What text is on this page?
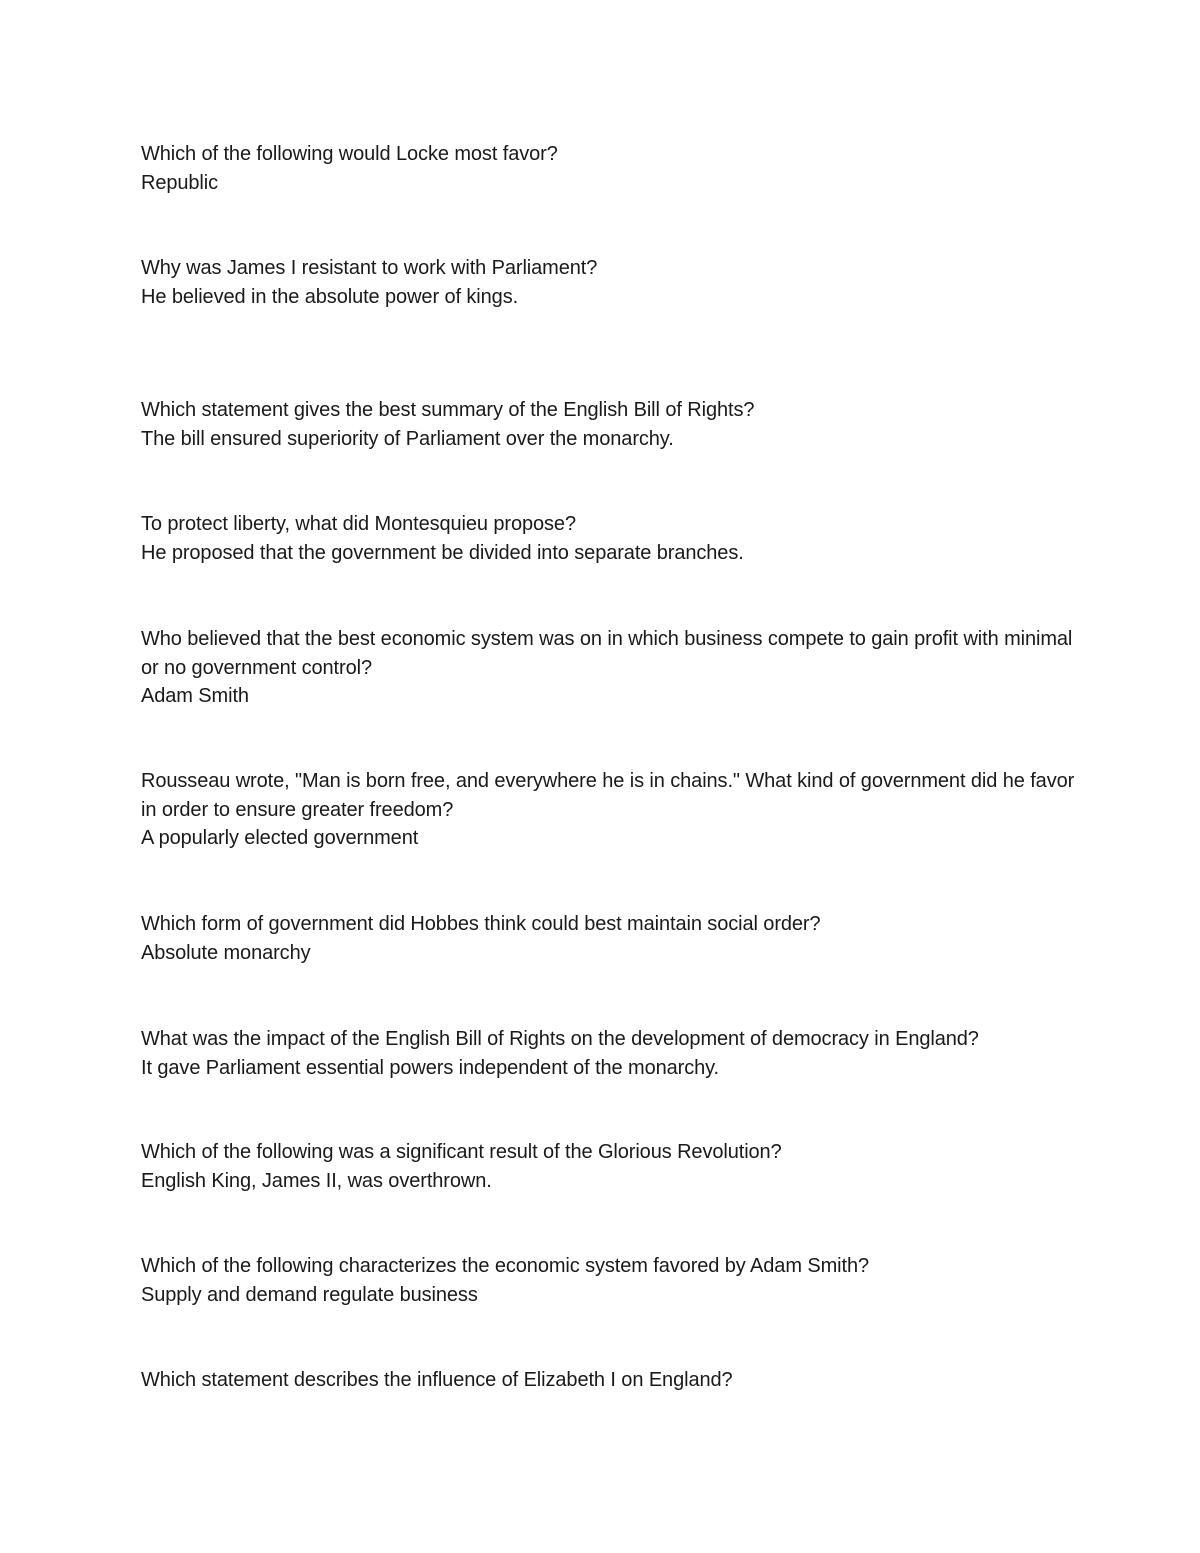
Which of the following would Locke most favor?

Republic

Why was James I resistant to work with Parliament?

He believed in the absolute power of kings.

Which statement gives the best summary of the English Bill of Rights?

The bill ensured superiority of Parliament over the monarchy.

To protect liberty, what did Montesquieu propose?

He proposed that the government be divided into separate branches.

Who believed that the best economic system was on in which business compete to gain profit with minimal or no government control?

Adam Smith

Rousseau wrote, "Man is born free, and everywhere he is in chains." What kind of government did he favor in order to ensure greater freedom?

A popularly elected government

Which form of government did Hobbes think could best maintain social order?

Absolute monarchy

What was the impact of the English Bill of Rights on the development of democracy in England?

It gave Parliament essential powers independent of the monarchy.

Which of the following was a significant result of the Glorious Revolution?

English King, James II, was overthrown.

Which of the following characterizes the economic system favored by Adam Smith?

Supply and demand regulate business

Which statement describes the influence of Elizabeth I on England?
